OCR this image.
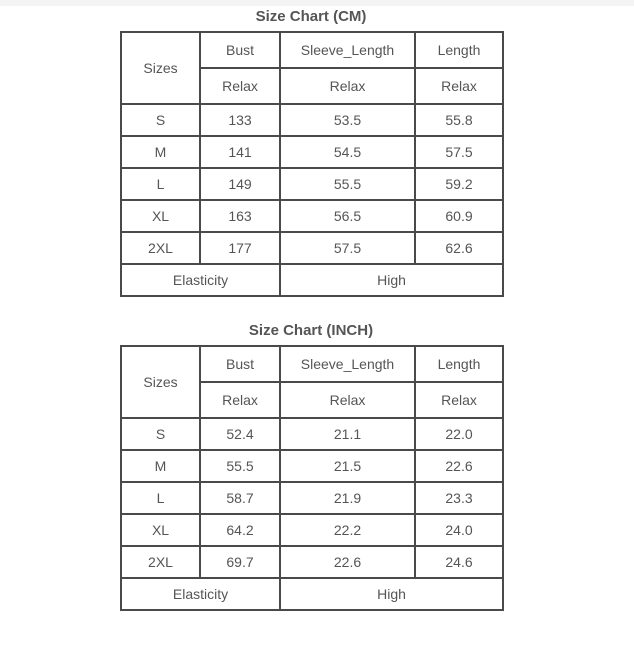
Size Chart (CM)
Sizes	Bust	Sleeve_Length	Length
	Relax	Relax	Relax
S	133	53.5	55.8
M	141	54.5	57.5
L	149	55.5	59.2
XL	163	56.5	60.9
2XL	177	57.5	62.6
Elasticity		High	
Size Chart (INCH)
Sizes	Bust	Sleeve_Length	Length
	Relax	Relax	Relax
S	52.4	21.1	22.0
M	55.5	21.5	22.6
L	58.7	21.9	23.3
XL	64.2	22.2	24.0
2XL	69.7	22.6	24.6
Elasticity		High	
